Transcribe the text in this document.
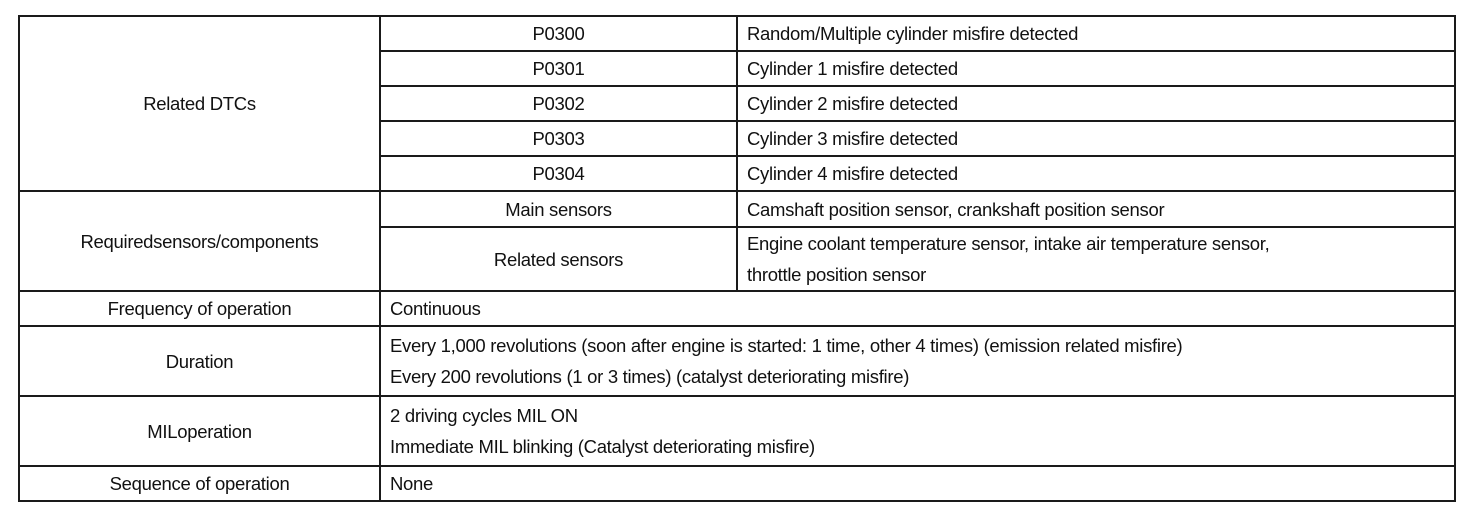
Related DTCs	P0300	Random/Multiple cylinder misfire detected
	P0301	Cylinder 1 misfire detected
	P0302	Cylinder 2 misfire detected
	P0303	Cylinder 3 misfire detected
	P0304	Cylinder 4 misfire detected
Requiredsensors/components	Main sensors	Camshaft position sensor, crankshaft position sensor
	Related sensors	Engine coolant temperature sensor, intake air temperature sensor,
throttle position sensor

Frequency of operation	Continuous	
Duration	Every 1,000 revolutions (soon after engine is started: 1 time, other 4 times) (emission related misfire)
Every 200 revolutions (1 or 3 times) (catalyst deteriorating misfire)	

MILoperation	2 driving cycles MIL ON
Immediate MIL blinking (Catalyst deteriorating misfire)	

Sequence of operation	None	
